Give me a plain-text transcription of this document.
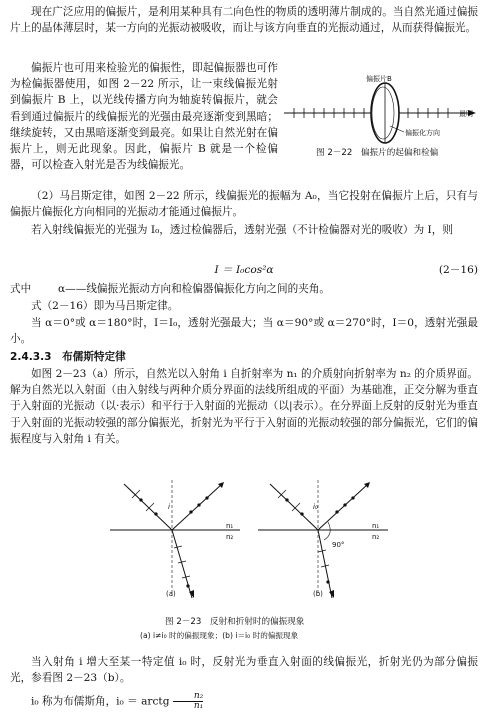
现在广泛应用的偏振片，是利用某种具有二向色性的物质的透明薄片制成的。当自然光通过偏振片上的晶体薄层时，某一方向的光振动被吸收，而让与该方向垂直的光振动通过，从而获得偏振光。
偏振片也可用来检验光的偏振性，即起偏振器也可作为检偏振器使用，如图 2－22 所示，让一束线偏振光射到偏振片 B 上，以光线传播方向为轴旋转偏振片，就会看到通过偏振片的线偏振光的光强由最亮逐渐变到黑暗；继续旋转，又由黑暗逐渐变到最亮。如果让自然光射在偏振片上，则无此现象。因此，偏振片 B 就是一个检偏器，可以检查入射光是否为线偏振光。
偏振片B
最明
偏振化方向
图 2－22　偏振片的起偏和检偏
（2）马吕斯定律，如图 2－22 所示，线偏振光的振幅为 A₀，当它投射在偏振片上后，只有与偏振片偏振化方向相同的光振动才能通过偏振片。
若入射线偏振光的光强为 I₀，透过检偏器后，透射光强（不计检偏器对光的吸收）为 I，则
I ＝ I₀cos²α	(2－16)
式中	α——线偏振光振动方向和检偏器偏振化方向之间的夹角。
式（2－16）即为马吕斯定律。
当 α＝0°或 α＝180°时，I＝I₀，透射光强最大；当 α＝90°或 α＝270°时，I＝0，透射光强最小。
2.4.3.3　布儒斯特定律
如图 2－23（a）所示，自然光以入射角 i 自折射率为 n₁ 的介质射向折射率为 n₂ 的介质界面。解为自然光以入射面（由入射线与两种介质分界面的法线所组成的平面）为基础准，正交分解为垂直于入射面的光振动（以·表示）和平行于入射面的光振动（以|表示）。在分界面上反射的反射光为垂直于入射面的光振动较强的部分偏振光，折射光为平行于入射面的光振动较强的部分偏振光，它们的偏振程度与入射角 i 有关。
i
n₁
n₂
(a)
i₀
90°
n₁
n₂
(b)
图 2－23　反射和折射时的偏振现象
(a) i≠i₀ 时的偏振现象；(b) i＝i₀ 时的偏振现象
当入射角 i 增大至某一特定值 i₀ 时，反射光为垂直入射面的线偏振光，折射光仍为部分偏振光，参看图 2－23（b）。
i₀ 称为布儒斯角，i₀ ＝ arctg $\frac{\text{n₂}}{\text{n₁}}$
